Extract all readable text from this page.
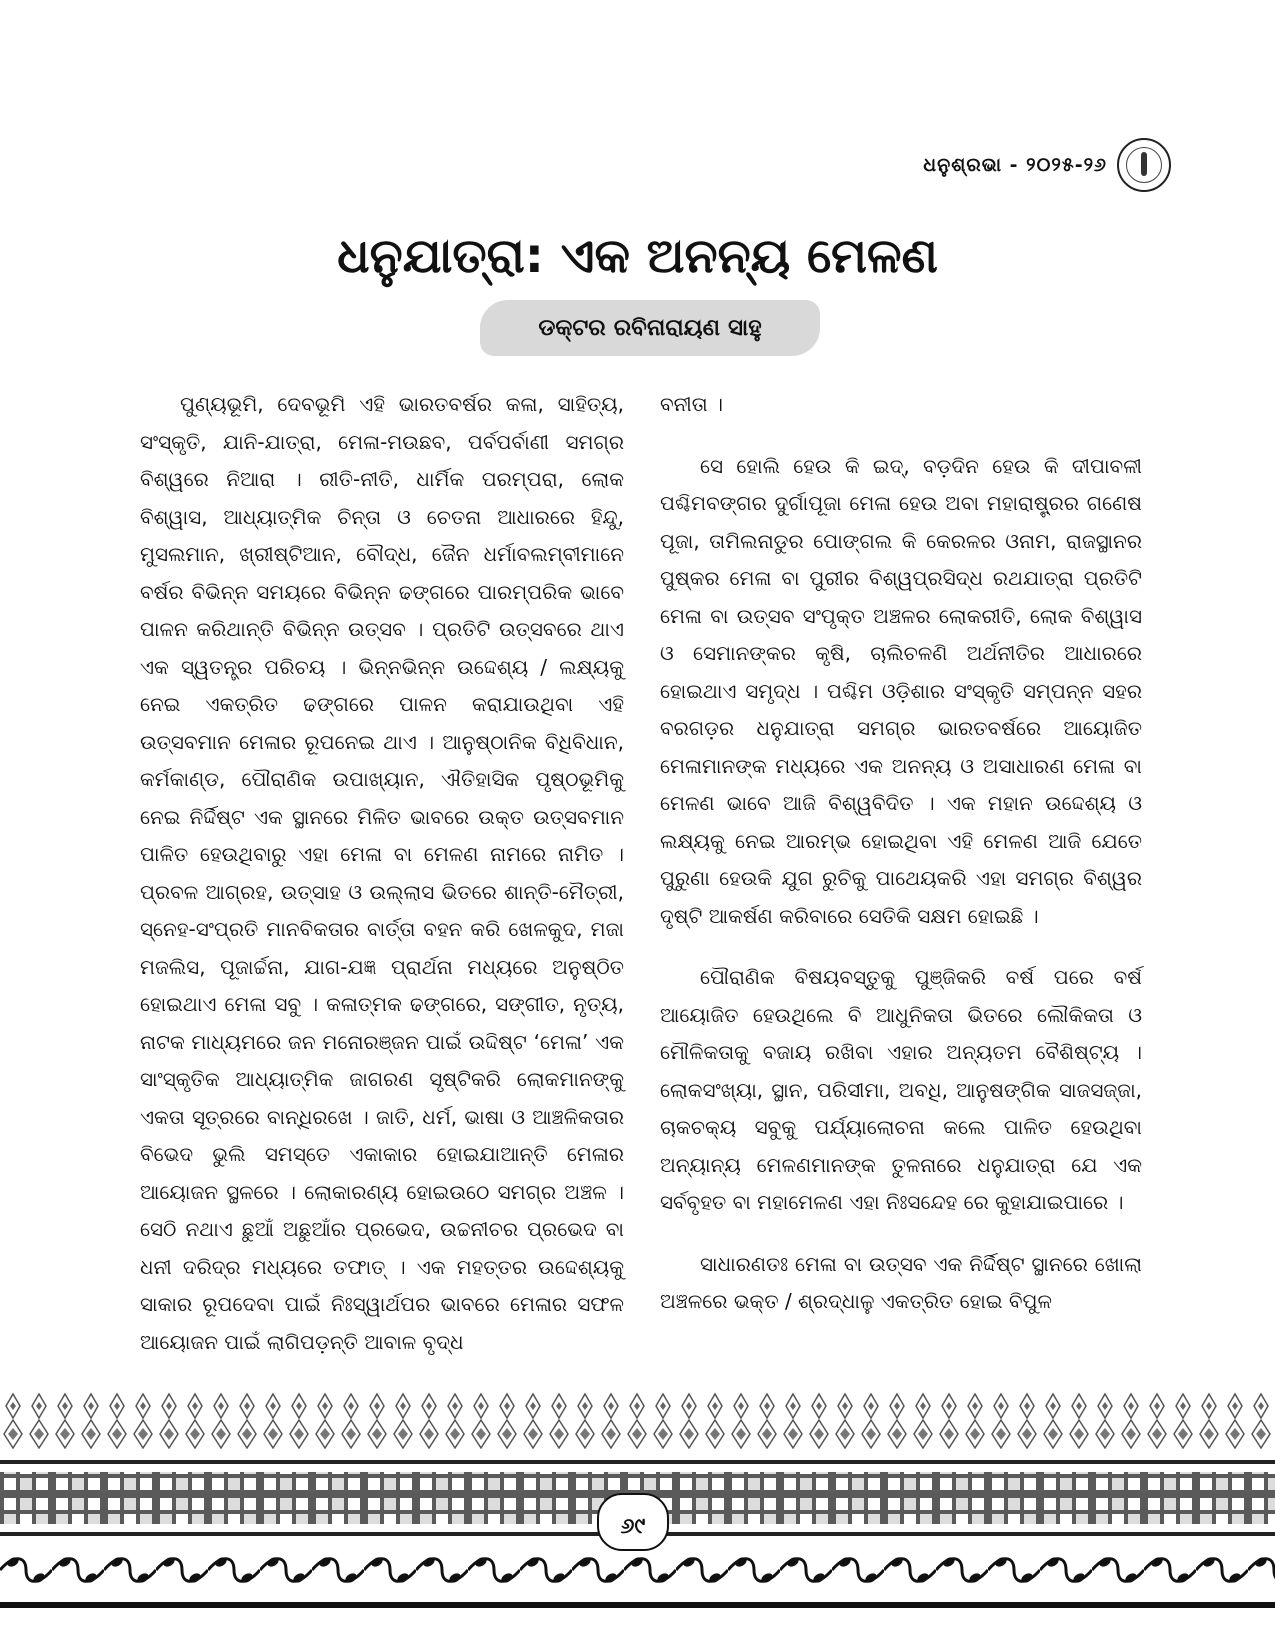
ଧନୁଶ୍ରଭା - ୨୦୨୫-୨୬
ଧନୁଯାତ୍ରା: ଏକ ଅନନ୍ୟ ମେଳଣ
ଡକ୍ଟର ରବିନାରାୟଣ ସାହୁ

ପୁଣ୍ୟଭୂମି, ଦେବଭୂମି ଏହି ଭାରତବର୍ଷର କଳା, ସାହିତ୍ୟ, ସଂସ୍କୃତି, ଯାନି-ଯାତ୍ରା, ମେଳା-ମଉଛବ, ପର୍ବପର୍ବାଣୀ ସମଗ୍ର ବିଶ୍ୱରେ ନିଆରା । ରୀତି-ନୀତି, ଧାର୍ମିକ ପରମ୍ପରା, ଲୋକ ବିଶ୍ୱାସ, ଆଧ୍ୟାତ୍ମିକ ଚିନ୍ତା ଓ ଚେତନା ଆଧାରରେ ହିନ୍ଦୁ, ମୁସଲମାନ, ଖ୍ରୀଷ୍ଟିଆନ, ବୌଦ୍ଧ, ଜୈନ ଧର୍ମାବଲମ୍ବୀମାନେ ବର୍ଷର ବିଭିନ୍ନ ସମୟରେ ବିଭିନ୍ନ ଢଙ୍ଗରେ ପାରମ୍ପରିକ ଭାବେ ପାଳନ କରିଥାନ୍ତି ବିଭିନ୍ନ ଉତ୍ସବ । ପ୍ରତିଟି ଉତ୍ସବରେ ଥାଏ ଏକ ସ୍ୱତନ୍ତ୍ର ପରିଚୟ । ଭିନ୍ନଭିନ୍ନ ଉଦ୍ଦେଶ୍ୟ / ଲକ୍ଷ୍ୟକୁ ନେଇ ଏକତ୍ରିତ ଢଙ୍ଗରେ ପାଳନ କରାଯାଉଥିବା ଏହି ଉତ୍ସବମାନ ମେଳାର ରୂପନେଇ ଥାଏ । ଆନୁଷ୍ଠାନିକ ବିଧିବିଧାନ, କର୍ମକାଣ୍ଡ, ପୌରାଣିକ ଉପାଖ୍ୟାନ, ଐତିହାସିକ ପୃଷ୍ଠଭୂମିକୁ ନେଇ ନିର୍ଦ୍ଦିଷ୍ଟ ଏକ ସ୍ଥାନରେ ମିଳିତ ଭାବରେ ଉକ୍ତ ଉତ୍ସବମାନ ପାଳିତ ହେଉଥିବାରୁ ଏହା ମେଳା ବା ମେଳଣ ନାମରେ ନାମିତ । ପ୍ରବଳ ଆଗ୍ରହ, ଉତ୍ସାହ ଓ ଉଲ୍ଲାସ ଭିତରେ ଶାନ୍ତି-ମୈତ୍ରୀ, ସ୍ନେହ-ସଂପ୍ରତି ମାନବିକତାର ବାର୍ତ୍ତା ବହନ କରି ଖେଳକୁଦ, ମଜା ମଜଲିସ, ପୂଜାର୍ଚ୍ଚନା, ଯାଗ-ଯଜ୍ଞ ପ୍ରାର୍ଥନା ମଧ୍ୟରେ ଅନୁଷ୍ଠିତ ହୋଇଥାଏ ମେଳା ସବୁ । କଳାତ୍ମକ ଢଙ୍ଗରେ, ସଙ୍ଗୀତ, ନୃତ୍ୟ, ନାଟକ ମାଧ୍ୟମରେ ଜନ ମନୋରଞ୍ଜନ ପାଇଁ ଉଦ୍ଦିଷ୍ଟ ‘ମେଳା’ ଏକ ସାଂସ୍କୃତିକ ଆଧ୍ୟାତ୍ମିକ ଜାଗରଣ ସୃଷ୍ଟିକରି ଲୋକମାନଙ୍କୁ ଏକତା ସୂତ୍ରରେ ବାନ୍ଧିରଖେ । ଜାତି, ଧର୍ମ, ଭାଷା ଓ ଆଞ୍ଚଳିକତାର ବିଭେଦ ଭୁଲି ସମସ୍ତେ ଏକାକାର ହୋଇଯାଆନ୍ତି ମେଳାର ଆୟୋଜନ ସ୍ଥଳରେ । ଲୋକାରଣ୍ୟ ହୋଇଉଠେ ସମଗ୍ର ଅଞ୍ଚଳ । ସେଠି ନଥାଏ ଛୁଆଁ ଅଛୁଆଁର ପ୍ରଭେଦ, ଉଚ୍ଚନୀଚର ପ୍ରଭେଦ ବା ଧନୀ ଦରିଦ୍ର ମଧ୍ୟରେ ତଫାତ୍ । ଏକ ମହତ୍ତର ଉଦ୍ଦେଶ୍ୟକୁ ସାକାର ରୂପଦେବା ପାଇଁ ନିଃସ୍ୱାର୍ଥପର ଭାବରେ ମେଳାର ସଫଳ ଆୟୋଜନ ପାଇଁ ଲାଗିପଡ଼ନ୍ତି ଆବାଳ ବୃଦ୍ଧ

ବନୀତା ।

ସେ ହୋଲି ହେଉ କି ଇଦ୍, ବଡ଼ଦିନ ହେଉ କି ଦୀପାବଳୀ ପଶ୍ଚିମବଙ୍ଗର ଦୁର୍ଗାପୂଜା ମେଳା ହେଉ ଅବା ମହାରାଷ୍ଟ୍ରର ଗଣେଷ ପୂଜା, ତାମିଲନାଡୁର ପୋଙ୍ଗଲ କି କେରଳର ଓନାମ, ରାଜସ୍ଥାନର ପୁଷ୍କର ମେଳା ବା ପୁରୀର ବିଶ୍ୱପ୍ରସିଦ୍ଧ ରଥଯାତ୍ରା ପ୍ରତିଟି ମେଳା ବା ଉତ୍ସବ ସଂପୃକ୍ତ ଅଞ୍ଚଳର ଲୋକରୀତି, ଲୋକ ବିଶ୍ୱାସ ଓ ସେମାନଙ୍କର କୃଷି, ଚାଲିଚଳଣି ଅର୍ଥନୀତିର ଆଧାରରେ ହୋଇଥାଏ ସମୃଦ୍ଧ । ପଶ୍ଚିମ ଓଡ଼ିଶାର ସଂସ୍କୃତି ସମ୍ପନ୍ନ ସହର ବରଗଡ଼ର ଧନୁଯାତ୍ରା ସମଗ୍ର ଭାରତବର୍ଷରେ ଆୟୋଜିତ ମେଳାମାନଙ୍କ ମଧ୍ୟରେ ଏକ ଅନନ୍ୟ ଓ ଅସାଧାରଣ ମେଳା ବା ମେଳଣ ଭାବେ ଆଜି ବିଶ୍ୱବିଦିତ । ଏକ ମହାନ ଉଦ୍ଦେଶ୍ୟ ଓ ଲକ୍ଷ୍ୟକୁ ନେଇ ଆରମ୍ଭ ହୋଇଥିବା ଏହି ମେଳଣ ଆଜି ଯେତେ ପୁରୁଣା ହେଉକି ଯୁଗ ରୁଚିକୁ ପାଥେୟକରି ଏହା ସମଗ୍ର ବିଶ୍ୱର ଦୃଷ୍ଟି ଆକର୍ଷଣ କରିବାରେ ସେତିକି ସକ୍ଷମ ହୋଇଛି ।

ପୌରାଣିକ ବିଷୟବସ୍ତୁକୁ ପୁଞ୍ଜିକରି ବର୍ଷ ପରେ ବର୍ଷ ଆୟୋଜିତ ହେଉଥିଲେ ବି ଆଧୁନିକତା ଭିତରେ ଲୌକିକତା ଓ ମୌଳିକତାକୁ ବଜାୟ ରଖିବା ଏହାର ଅନ୍ୟତମ ବୈଶିଷ୍ଟ୍ୟ । ଲୋକସଂଖ୍ୟା, ସ୍ଥାନ, ପରିସୀମା, ଅବଧି, ଆନୁଷଙ୍ଗିକ ସାଜସଜ୍ଜା, ଚାକଚକ୍ୟ ସବୁକୁ ପର୍ଯ୍ୟାଲୋଚନା କଲେ ପାଳିତ ହେଉଥିବା ଅନ୍ୟାନ୍ୟ ମେଳଣମାନଙ୍କ ତୁଳନାରେ ଧନୁଯାତ୍ରା ଯେ ଏକ ସର୍ବବୃହତ ବା ମହାମେଳଣ ଏହା ନିଃସନ୍ଦେହ ରେ କୁହାଯାଇପାରେ ।

ସାଧାରଣତଃ ମେଳା ବା ଉତ୍ସବ ଏକ ନିର୍ଦ୍ଦିଷ୍ଟ ସ୍ଥାନରେ ଖୋଲା ଅଞ୍ଚଳରେ ଭକ୍ତ / ଶ୍ରଦ୍ଧାଳୁ ଏକତ୍ରିତ ହୋଇ ବିପୁଳ

୬୯
